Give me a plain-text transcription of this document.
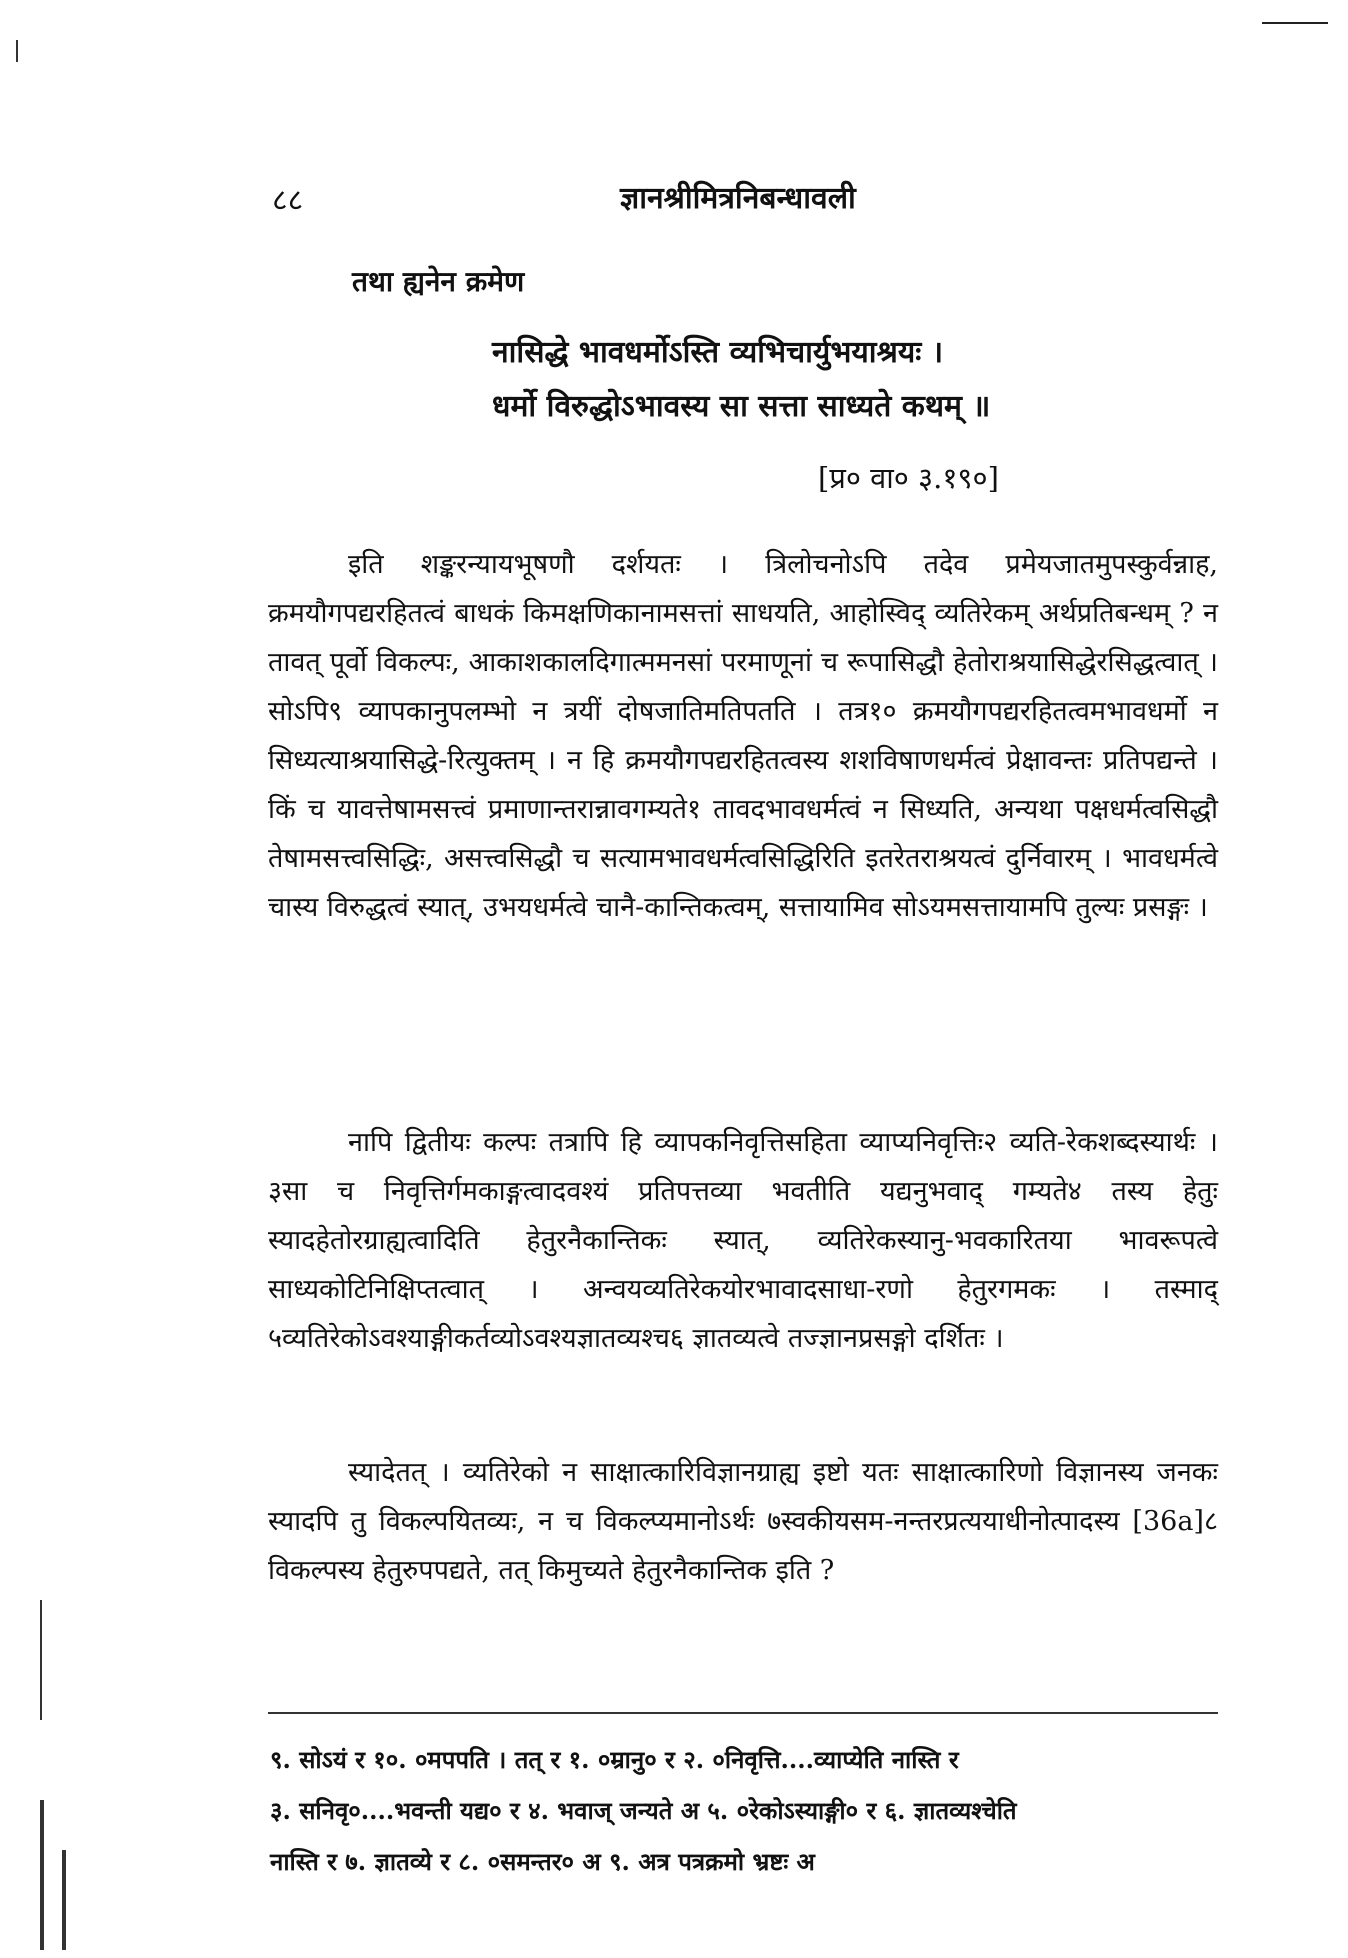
८८	ज्ञानश्रीमित्रनिबन्धावली
तथा ह्यनेन क्रमेण
नासिद्धे भावधर्मोऽस्ति व्यभिचार्युभयाश्रयः ।
धर्मो विरुद्धोऽभावस्य सा सत्ता साध्यते कथम् ॥
[प्र० वा० ३.१९०]

इति शङ्करन्यायभूषणौ दर्शयतः । त्रिलोचनोऽपि तदेव प्रमेयजातमुपस्कुर्वन्नाह, क्रमयौगपद्यरहितत्वं बाधकं किमक्षणिकानामसत्तां साधयति, आहोस्विद् व्यतिरेकम् अर्थप्रतिबन्धम् ? न तावत् पूर्वो विकल्पः, आकाशकालदिगात्ममनसां परमाणूनां च रूपासिद्धौ हेतोराश्रयासिद्धेरसिद्धत्वात् । सोऽपि९ व्यापकानुपलम्भो न त्रयीं दोषजातिमतिपतति । तत्र१० क्रमयौगपद्यरहितत्वमभावधर्मो न सिध्यत्याश्रयासिद्धे-रित्युक्तम् । न हि क्रमयौगपद्यरहितत्वस्य शशविषाणधर्मत्वं प्रेक्षावन्तः प्रतिपद्यन्ते । किं च यावत्तेषामसत्त्वं प्रमाणान्तरान्नावगम्यते१ तावदभावधर्मत्वं न सिध्यति, अन्यथा पक्षधर्मत्वसिद्धौ तेषामसत्त्वसिद्धिः, असत्त्वसिद्धौ च सत्यामभावधर्मत्वसिद्धिरिति इतरेतराश्रयत्वं दुर्निवारम् । भावधर्मत्वे चास्य विरुद्धत्वं स्यात्, उभयधर्मत्वे चानै-कान्तिकत्वम्, सत्तायामिव सोऽयमसत्तायामपि तुल्यः प्रसङ्गः ।

नापि द्वितीयः कल्पः तत्रापि हि व्यापकनिवृत्तिसहिता व्याप्यनिवृत्तिः२ व्यति-रेकशब्दस्यार्थः । ३सा च निवृत्तिर्गमकाङ्गत्वादवश्यं प्रतिपत्तव्या भवतीति यद्यनुभवाद् गम्यते४ तस्य हेतुः स्यादहेतोरग्राह्यत्वादिति हेतुरनैकान्तिकः स्यात्, व्यतिरेकस्यानु-भवकारितया भावरूपत्वे साध्यकोटिनिक्षिप्तत्वात् । अन्वयव्यतिरेकयोरभावादसाधा-रणो हेतुरगमकः । तस्माद् ५व्यतिरेकोऽवश्याङ्गीकर्तव्योऽवश्यज्ञातव्यश्च६ ज्ञातव्यत्वे तज्ज्ञानप्रसङ्गो दर्शितः ।

स्यादेतत् । व्यतिरेको न साक्षात्कारिविज्ञानग्राह्य इष्टो यतः साक्षात्कारिणो विज्ञानस्य जनकः स्यादपि तु विकल्पयितव्यः, न च विकल्प्यमानोऽर्थः ७स्वकीयसम-नन्तरप्रत्ययाधीनोत्पादस्य [36a]८ विकल्पस्य हेतुरुपपद्यते, तत् किमुच्यते हेतुरनैकान्तिक इति ?

९. सोऽयं र १०. ०मपपति । तत् र १. ०म्रानु० र २. ०निवृत्ति....व्याप्येति नास्ति र

३. सनिवृ०....भवन्ती यद्य० र ४. भवाज् जन्यते अ ५. ०रेकोऽस्याङ्गी० र ६. ज्ञातव्यश्चेति

नास्ति र ७. ज्ञातव्ये र ८. ०समन्तर० अ ९. अत्र पत्रक्रमो भ्रष्टः अ
